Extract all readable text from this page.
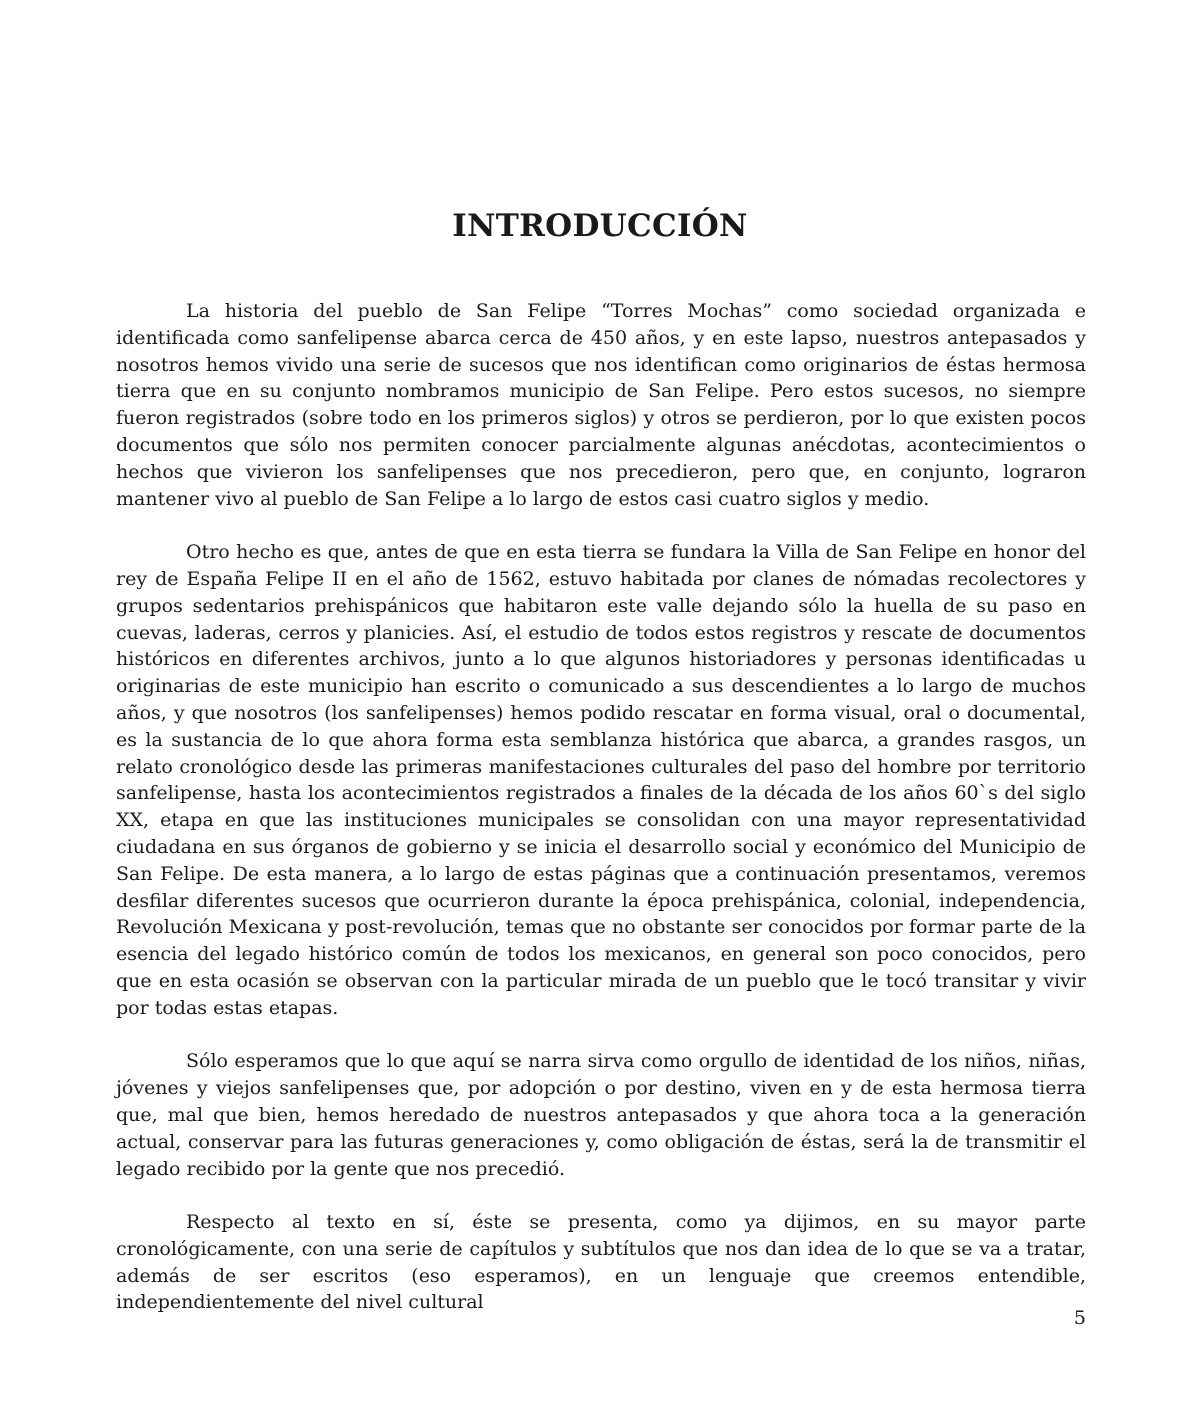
INTRODUCCIÓN

La historia del pueblo de San Felipe “Torres Mochas” como sociedad organizada e identificada como sanfelipense abarca cerca de 450 años, y en este lapso, nuestros antepasados y nosotros hemos vivido una serie de sucesos que nos identifican como originarios de éstas hermosa tierra que en su conjunto nombramos municipio de San Felipe. Pero estos sucesos, no siempre fueron registrados (sobre todo en los primeros siglos) y otros se perdieron, por lo que existen pocos documentos que sólo nos permiten conocer parcialmente algunas anécdotas, acontecimientos o hechos que vivieron los sanfelipenses que nos precedieron, pero que, en conjunto, lograron mantener vivo al pueblo de San Felipe a lo largo de estos casi cuatro siglos y medio.

Otro hecho es que, antes de que en esta tierra se fundara la Villa de San Felipe en honor del rey de España Felipe II en el año de 1562, estuvo habitada por clanes de nómadas recolectores y grupos sedentarios prehispánicos que habitaron este valle dejando sólo la huella de su paso en cuevas, laderas, cerros y planicies. Así, el estudio de todos estos registros y rescate de documentos históricos en diferentes archivos, junto a lo que algunos historiadores y personas identificadas u originarias de este municipio han escrito o comunicado a sus descendientes a lo largo de muchos años, y que nosotros (los sanfelipenses) hemos podido rescatar en forma visual, oral o documental, es la sustancia de lo que ahora forma esta semblanza histórica que abarca, a grandes rasgos, un relato cronológico desde las primeras manifestaciones culturales del paso del hombre por territorio sanfelipense, hasta los acontecimientos registrados a finales de la década de los años 60`s del siglo XX, etapa en que las instituciones municipales se consolidan con una mayor representatividad ciudadana en sus órganos de gobierno y se inicia el desarrollo social y económico del Municipio de San Felipe. De esta manera, a lo largo de estas páginas que a continuación presentamos, veremos desfilar diferentes sucesos que ocurrieron durante la época prehispánica, colonial, independencia, Revolución Mexicana y post-revolución, temas que no obstante ser conocidos por formar parte de la esencia del legado histórico común de todos los mexicanos, en general son poco conocidos, pero que en esta ocasión se observan con la particular mirada de un pueblo que le tocó transitar y vivir por todas estas etapas.

Sólo esperamos que lo que aquí se narra sirva como orgullo de identidad de los niños, niñas, jóvenes y viejos sanfelipenses que, por adopción o por destino, viven en y de esta hermosa tierra que, mal que bien, hemos heredado de nuestros antepasados y que ahora toca a la generación actual, conservar para las futuras generaciones y, como obligación de éstas, será la de transmitir el legado recibido por la gente que nos precedió.

Respecto al texto en sí, éste se presenta, como ya dijimos, en su mayor parte cronológicamente, con una serie de capítulos y subtítulos que nos dan idea de lo que se va a tratar, además de ser escritos (eso esperamos), en un lenguaje que creemos entendible, independientemente del nivel cultural

5
